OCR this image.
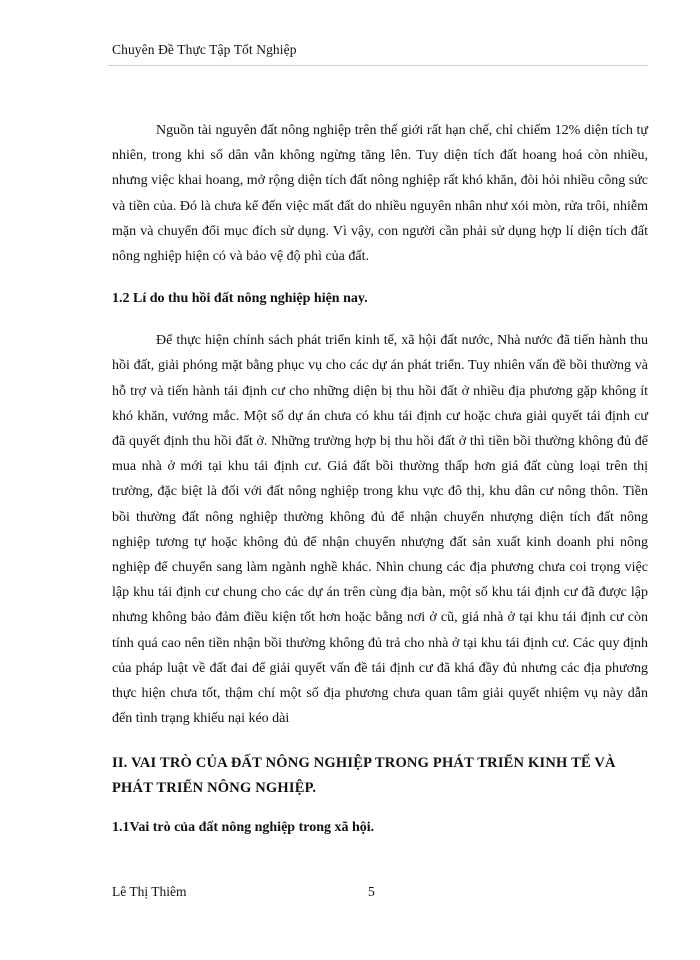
Chuyên Đề Thực Tập Tốt Nghiệp

Nguồn tài nguyên đất nông nghiệp trên thế giới rất hạn chế, chỉ chiếm 12% diện tích tự nhiên, trong khi số dân vẫn không ngừng tăng lên. Tuy diện tích đất hoang hoá còn nhiều, nhưng việc khai hoang, mở rộng diện tích đất nông nghiệp rất khó khăn, đòi hỏi nhiều công sức và tiền của. Đó là chưa kể đến việc mất đất do nhiều nguyên nhân như xói mòn, rửa trôi, nhiễm mặn và chuyển đổi mục đích sử dụng. Vì vậy, con người cần phải sử dụng hợp lí diện tích đất nông nghiệp hiện có và bảo vệ độ phì của đất.

1.2 Lí do thu hồi đất nông nghiệp hiện nay.

Để thực hiện chính sách phát triển kinh tế, xã hội đất nước, Nhà nước đã tiến hành thu hồi đất, giải phóng mặt bằng phục vụ cho các dự án phát triển. Tuy nhiên vấn đề bồi thường và hỗ trợ và tiến hành tái định cư cho những diện bị thu hồi đất ở nhiều địa phương gặp không ít khó khăn, vướng mắc. Một số dự án chưa có khu tái định cư hoặc chưa giải quyết tái định cư đã quyết định thu hồi đất ở. Những trường hợp bị thu hồi đất ở thì tiền bồi thường không đủ để mua nhà ở mới tại khu tái định cư. Giá đất bồi thường thấp hơn giá đất cùng loại trên thị trường, đặc biệt là đối với đất nông nghiệp trong khu vực đô thị, khu dân cư nông thôn. Tiền bồi thường đất nông nghiệp thường không đủ để nhận chuyển nhượng diện tích đất nông nghiệp tương tự hoặc không đủ để nhận chuyển nhượng đất sản xuất kinh doanh phi nông nghiệp để chuyển sang làm ngành nghề khác. Nhìn chung các địa phương chưa coi trọng việc lập khu tái định cư chung cho các dự án trên cùng địa bàn, một số khu tái định cư đã được lập nhưng không bảo đảm điều kiện tốt hơn hoặc bằng nơi ở cũ, giá nhà ở tại khu tái định cư còn tính quá cao nên tiền nhận bồi thường không đủ trả cho nhà ở tại khu tái định cư. Các quy định của pháp luật về đất đai để giải quyết vấn đề tái định cư đã khá đầy đủ nhưng các địa phương thực hiện chưa tốt, thậm chí một số địa phương chưa quan tâm giải quyết nhiệm vụ này dẫn đến tình trạng khiếu nại kéo dài

II. VAI TRÒ CỦA ĐẤT NÔNG NGHIỆP TRONG PHÁT TRIỂN KINH TẾ VÀ PHÁT TRIỂN NÔNG NGHIỆP.

1.1Vai trò của đất nông nghiệp trong xã hội.

Lê Thị Thiêm	5
